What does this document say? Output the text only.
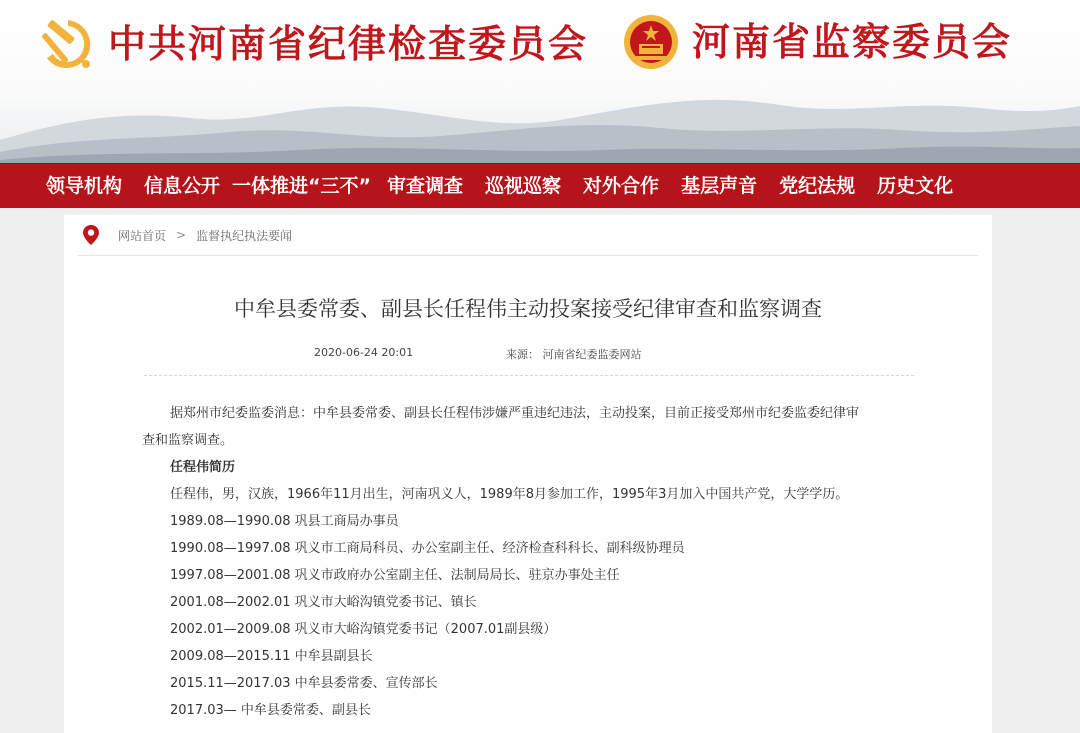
中共河南省纪律检查委员会	河南省监察委员会
领导机构 信息公开 一体推进“三不” 审查调查 巡视巡察 对外合作 基层声音 党纪法规 历史文化
网站首页 > 监督执纪执法要闻
中牟县委常委、副县长任程伟主动投案接受纪律审查和监察调查
2020-06-24 20:01	来源： 河南省纪委监委网站
据郑州市纪委监委消息：中牟县委常委、副县长任程伟涉嫌严重违纪违法，主动投案，目前正接受郑州市纪委监委纪律审
查和监察调查。
任程伟简历
任程伟，男，汉族，1966年11月出生，河南巩义人，1989年8月参加工作，1995年3月加入中国共产党，大学学历。
1989.08—1990.08 巩县工商局办事员
1990.08—1997.08 巩义市工商局科员、办公室副主任、经济检查科科长、副科级协理员
1997.08—2001.08 巩义市政府办公室副主任、法制局局长、驻京办事处主任
2001.08—2002.01 巩义市大峪沟镇党委书记、镇长
2002.01—2009.08 巩义市大峪沟镇党委书记（2007.01副县级）
2009.08—2015.11 中牟县副县长
2015.11—2017.03 中牟县委常委、宣传部长
2017.03— 中牟县委常委、副县长
